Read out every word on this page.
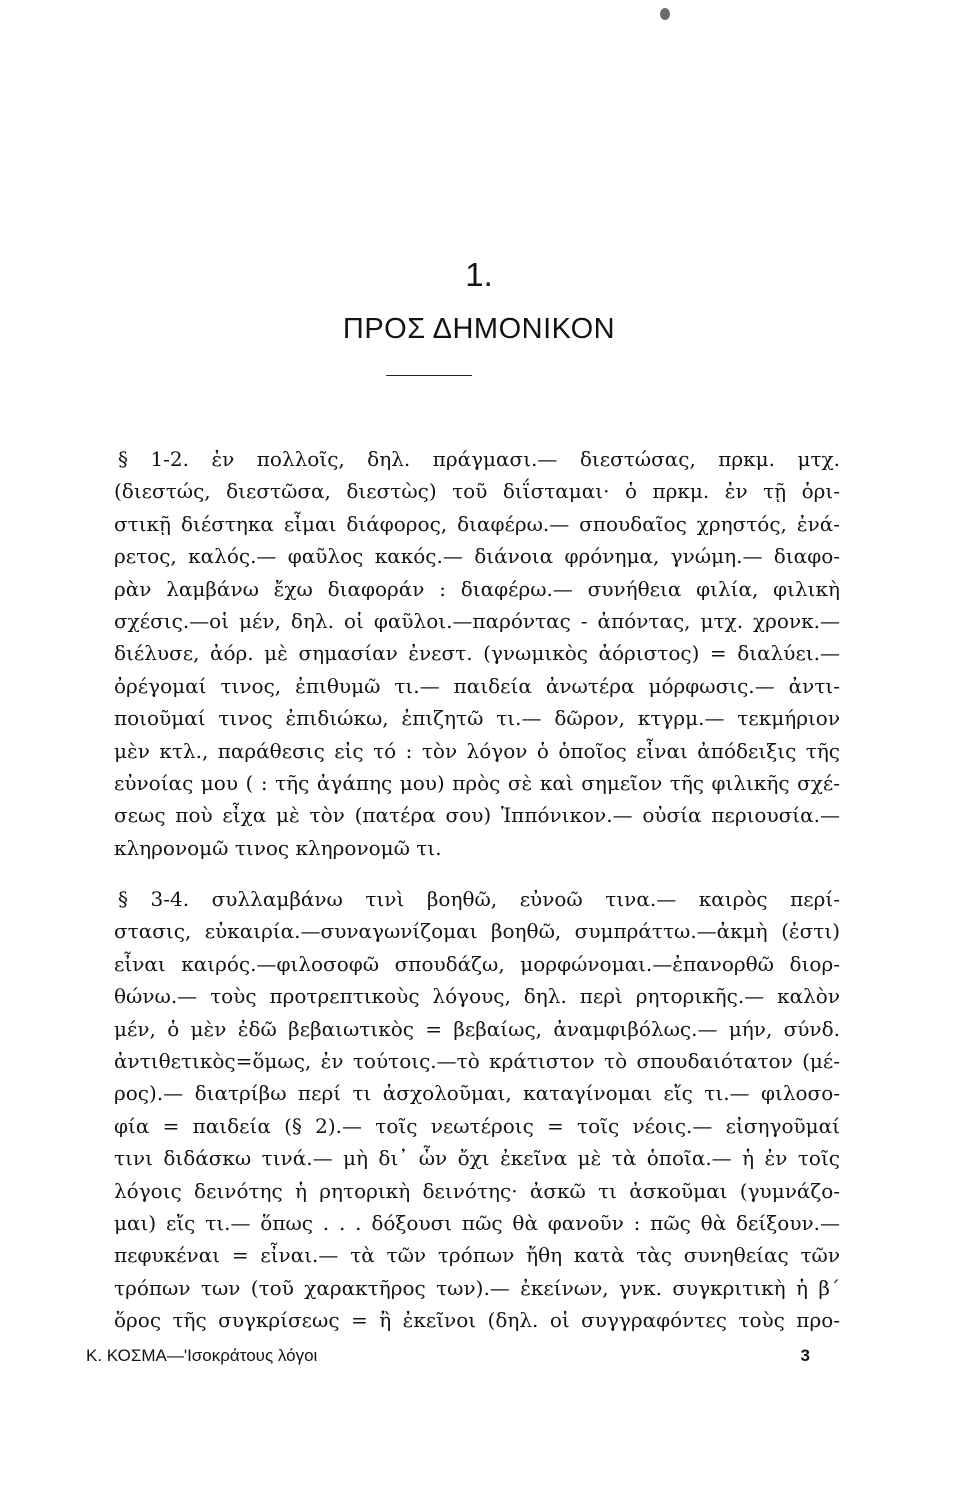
1.
ΠΡΟΣ ΔΗΜΟΝΙΚΟΝ
§ 1-2. ἐν πολλοῖς, δηλ. πράγμασι.— διεστώσας, πρκμ. μτχ.
(διεστώς, διεστῶσα, διεστὼς) τοῦ διΐσταμαι· ὁ πρκμ. ἐν τῇ ὁρι-
στικῇ διέστηκα εἶμαι διάφορος, διαφέρω.— σπουδαῖος χρηστός, ἐνά-
ρετος, καλός.— φαῦλος κακός.— διάνοια φρόνημα, γνώμη.— διαφο-
ρὰν λαμβάνω ἔχω διαφοράν : διαφέρω.— συνήθεια φιλία, φιλικὴ
σχέσις.—οἱ μέν, δηλ. οἱ φαῦλοι.—παρόντας - ἀπόντας, μτχ. χρονκ.—
διέλυσε, ἀόρ. μὲ σημασίαν ἐνεστ. (γνωμικὸς ἀόριστος) = διαλύει.—
ὀρέγομαί τινος, ἐπιθυμῶ τι.— παιδεία ἀνωτέρα μόρφωσις.— ἀντι-
ποιοῦμαί τινος ἐπιδιώκω, ἐπιζητῶ τι.— δῶρον, κτγρμ.— τεκμήριον
μὲν κτλ., παράθεσις εἰς τό : τὸν λόγον ὁ ὁποῖος εἶναι ἀπόδειξις τῆς
εὐνοίας μου ( : τῆς ἀγάπης μου) πρὸς σὲ καὶ σημεῖον τῆς φιλικῆς σχέ-
σεως ποὺ εἶχα μὲ τὸν (πατέρα σου) Ἱππόνικον.— οὐσία περιουσία.—
κληρονομῶ τινος κληρονομῶ τι.
§ 3-4. συλλαμβάνω τινὶ βοηθῶ, εὐνοῶ τινα.— καιρὸς περί-
στασις, εὐκαιρία.—συναγωνίζομαι βοηθῶ, συμπράττω.—ἀκμὴ (ἐστι)
εἶναι καιρός.—φιλοσοφῶ σπουδάζω, μορφώνομαι.—ἐπανορθῶ διορ-
θώνω.— τοὺς προτρεπτικοὺς λόγους, δηλ. περὶ ρητορικῆς.— καλὸν
μέν, ὁ μὲν ἐδῶ βεβαιωτικὸς = βεβαίως, ἀναμφιβόλως.— μήν, σύνδ.
ἀντιθετικὸς=ὅμως, ἐν τούτοις.—τὸ κράτιστον τὸ σπουδαιότατον (μέ-
ρος).— διατρίβω περί τι ἀσχολοῦμαι, καταγίνομαι εἴς τι.— φιλοσο-
φία = παιδεία (§ 2).— τοῖς νεωτέροις = τοῖς νέοις.— εἰσηγοῦμαί
τινι διδάσκω τινά.— μὴ δι᾽ ὧν ὄχι ἐκεῖνα μὲ τὰ ὁποῖα.— ἡ ἐν τοῖς
λόγοις δεινότης ἡ ρητορικὴ δεινότης· ἀσκῶ τι ἀσκοῦμαι (γυμνάζο-
μαι) εἴς τι.— ὅπως . . . δόξουσι πῶς θὰ φανοῦν : πῶς θὰ δείξουν.—
πεφυκέναι = εἶναι.— τὰ τῶν τρόπων ἤθη κατὰ τὰς συνηθείας τῶν
τρόπων των (τοῦ χαρακτῆρος των).— ἐκείνων, γνκ. συγκριτικὴ ἡ β΄
ὅρος τῆς συγκρίσεως = ἢ ἐκεῖνοι (δηλ. οἱ συγγραφόντες τοὺς προ-
Κ. ΚΟΣΜΑ—'Ισοκράτους λόγοι	3
